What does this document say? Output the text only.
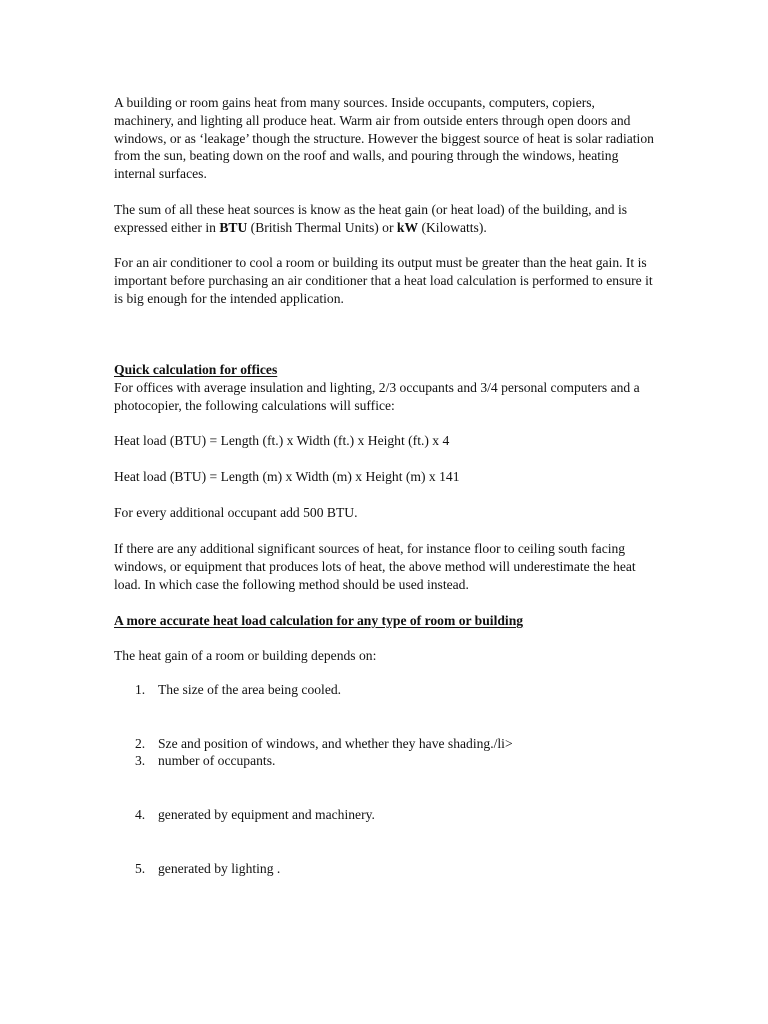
A building or room gains heat from many sources. Inside occupants, computers, copiers, machinery, and lighting all produce heat. Warm air from outside enters through open doors and windows, or as ‘leakage’ though the structure. However the biggest source of heat is solar radiation from the sun, beating down on the roof and walls, and pouring through the windows, heating internal surfaces.

The sum of all these heat sources is know as the heat gain (or heat load) of the building, and is expressed either in BTU (British Thermal Units) or kW (Kilowatts).

For an air conditioner to cool a room or building its output must be greater than the heat gain. It is important before purchasing an air conditioner that a heat load calculation is performed to ensure it is big enough for the intended application.

Quick calculation for offices

For offices with average insulation and lighting, 2/3 occupants and 3/4 personal computers and a photocopier, the following calculations will suffice:

Heat load (BTU) = Length (ft.) x Width (ft.) x Height (ft.) x 4

Heat load (BTU) = Length (m) x Width (m) x Height (m) x 141

For every additional occupant add 500 BTU.

If there are any additional significant sources of heat, for instance floor to ceiling south facing windows, or equipment that produces lots of heat, the above method will underestimate the heat load. In which case the following method should be used instead.

A more accurate heat load calculation for any type of room or building

The heat gain of a room or building depends on:

1. The size of the area being cooled.
2. Sze and position of windows, and whether they have shading./li>
3. number of occupants.
4. generated by equipment and machinery.
5. generated by lighting .
